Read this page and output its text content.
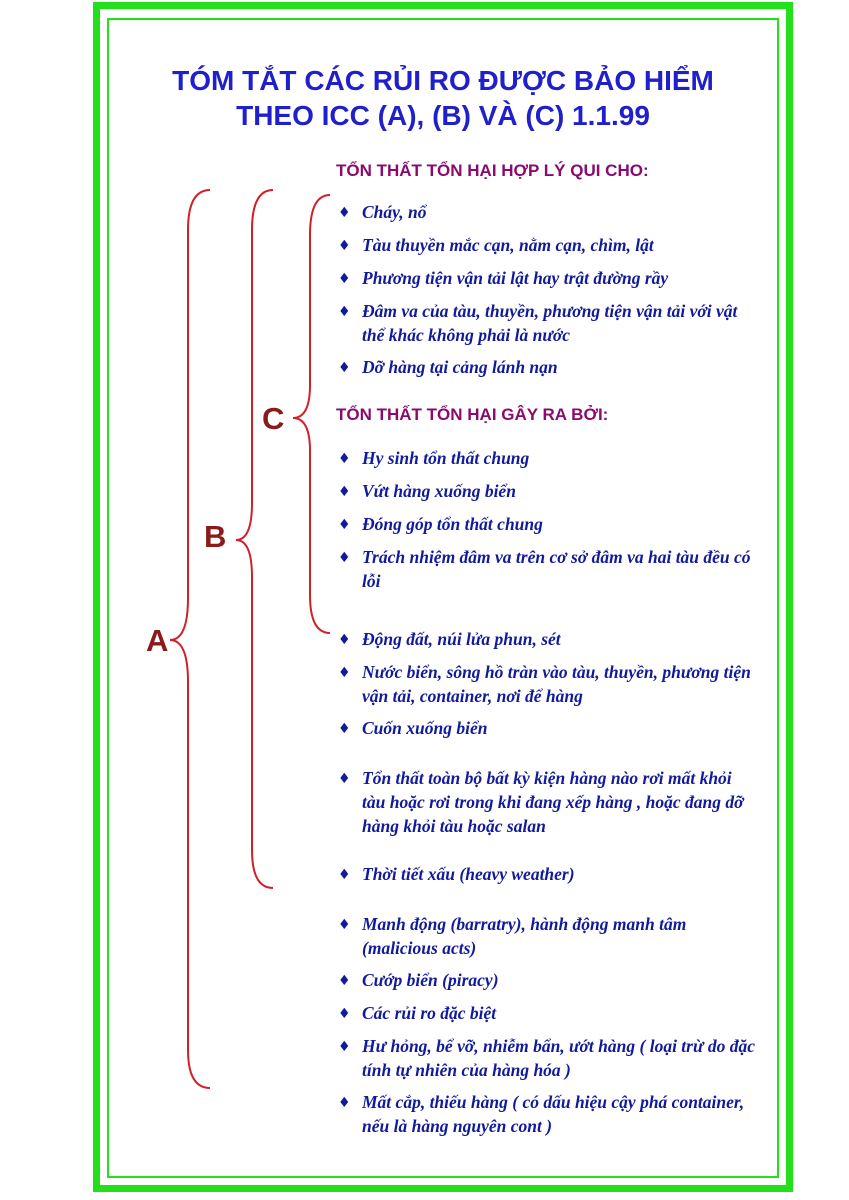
TÓM TẮT CÁC RỦI RO ĐƯỢC BẢO HIỂM
THEO ICC (A), (B) VÀ (C) 1.1.99
TỔN THẤT TỔN HẠI HỢP LÝ QUI CHO:
TỔN THẤT TỔN HẠI GÂY RA BỞI:
A
B
C
♦ Cháy, nổ
♦ Tàu thuyền mắc cạn, nằm cạn, chìm, lật
♦ Phương tiện vận tải lật hay trật đường rầy
♦ Đâm va của tàu, thuyền, phương tiện vận tải với vật thể khác không phải là nước
♦ Dỡ hàng tại cảng lánh nạn
♦ Hy sinh tổn thất chung
♦ Vứt hàng xuống biển
♦ Đóng góp tổn thất chung
♦ Trách nhiệm đâm va trên cơ sở đâm va hai tàu đều có lỗi
♦ Động đất, núi lửa phun, sét
♦ Nước biển, sông hồ tràn vào tàu, thuyền, phương tiện vận tải, container, nơi để hàng
♦ Cuốn xuống biển
♦ Tổn thất toàn bộ bất kỳ kiện hàng nào rơi mất khỏi tàu hoặc rơi trong khi đang xếp hàng , hoặc đang dỡ hàng khỏi tàu hoặc salan
♦ Thời tiết xấu (heavy weather)
♦ Manh động (barratry), hành động manh tâm (malicious acts)
♦ Cướp biển (piracy)
♦ Các rủi ro đặc biệt
♦ Hư hỏng, bể vỡ, nhiễm bẩn, ướt hàng ( loại trừ do đặc tính tự nhiên của hàng hóa )
♦ Mất cắp, thiếu hàng ( có dấu hiệu cậy phá container, nếu là hàng nguyên cont )
